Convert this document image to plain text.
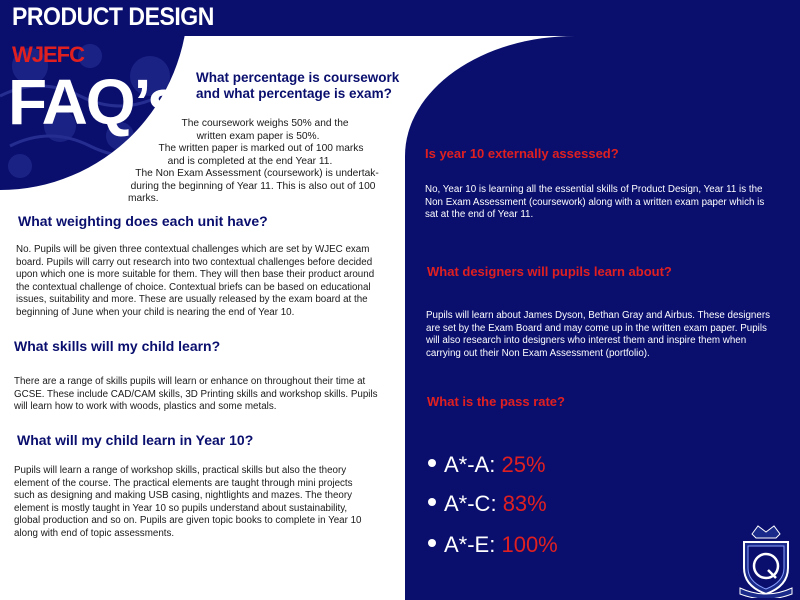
PRODUCT DESIGN
WJEFC
FAQ’s What percentage is coursework
and what percentage is exam?
The coursework weighs 50% and the
written exam paper is 50%.
The written paper is marked out of 100 marks
and is completed at the end Year 11.
The Non Exam Assessment (coursework) is undertak-
during the beginning of Year 11. This is also out of 100
marks.
What weighting does each unit have?
No. Pupils will be given three contextual challenges which are set by WJEC exam
board. Pupils will carry out research into two contextual challenges before decided
upon which one is more suitable for them. They will then base their product around
the contextual challenge of choice. Contextual briefs can be based on educational
issues, suitability and more. These are usually released by the exam board at the
beginning of June when your child is nearing the end of Year 10.
What skills will my child learn?
There are a range of skills pupils will learn or enhance on throughout their time at
GCSE. These include CAD/CAM skills, 3D Printing skills and workshop skills. Pupils
will learn how to work with woods, plastics and some metals.
What will my child learn in Year 10?
Pupils will learn a range of workshop skills, practical skills but also the theory
element of the course. The practical elements are taught through mini projects
such as designing and making USB casing, nightlights and mazes. The theory
element is mostly taught in Year 10 so pupils understand about sustainability,
global production and so on. Pupils are given topic books to complete in Year 10
along with end of topic assessments.
Is year 10 externally assessed?
No, Year 10 is learning all the essential skills of Product Design, Year 11 is the
Non Exam Assessment (coursework) along with a written exam paper which is
sat at the end of Year 11.
What designers will pupils learn about?
Pupils will learn about James Dyson, Bethan Gray and Airbus. These designers
are set by the Exam Board and may come up in the written exam paper. Pupils
will also research into designers who interest them and inspire them when
carrying out their Non Exam Assessment (portfolio).
What is the pass rate?
A*-A: 25%
A*-C: 83%
A*-E: 100%
